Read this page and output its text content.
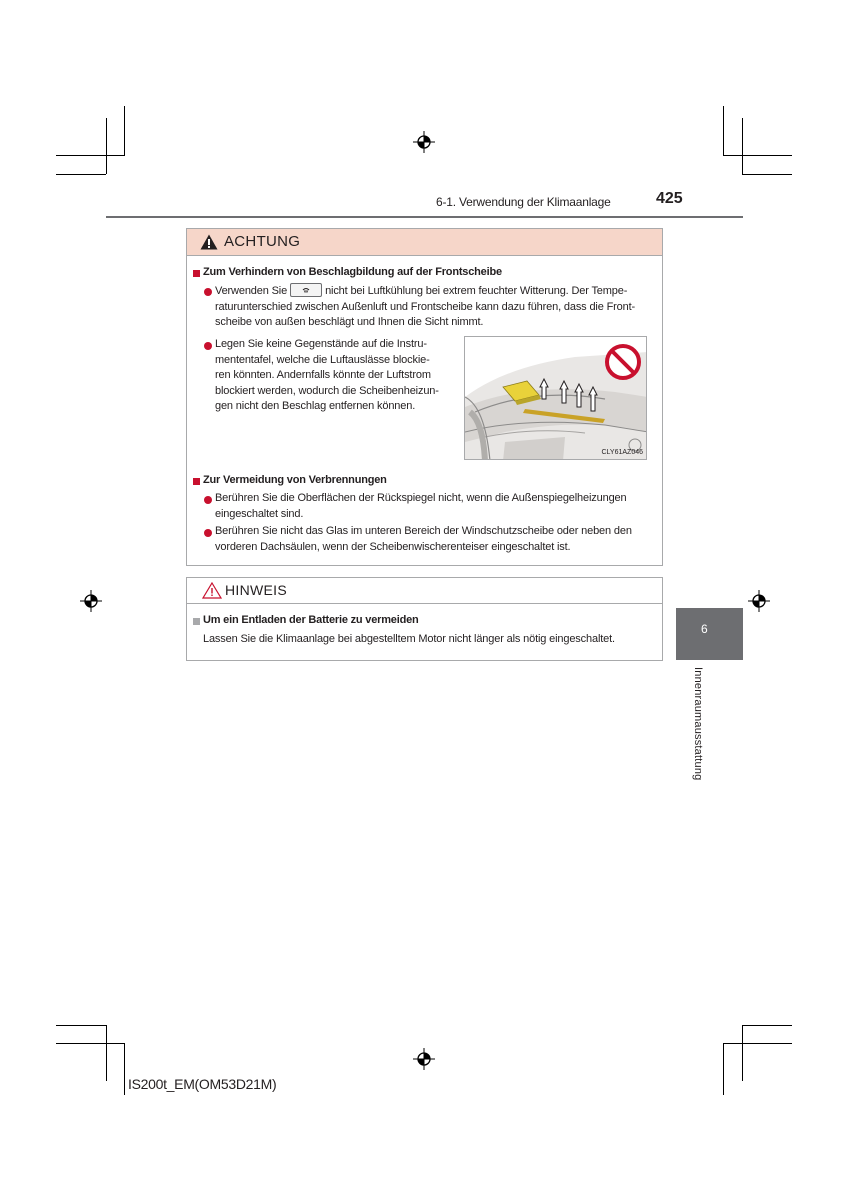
6-1. Verwendung der Klimaanlage	425
ACHTUNG
Zum Verhindern von Beschlagbildung auf der Frontscheibe
Verwenden Sie	nicht bei Luftkühlung bei extrem feuchter Witterung. Der Tempe-
raturunterschied zwischen Außenluft und Frontscheibe kann dazu führen, dass die Front-
scheibe von außen beschlägt und Ihnen die Sicht nimmt.
Legen Sie keine Gegenstände auf die Instru-
mententafel, welche die Luftauslässe blockie-
ren könnten. Andernfalls könnte der Luftstrom
blockiert werden, wodurch die Scheibenheizun-
gen nicht den Beschlag entfernen können.
Zur Vermeidung von Verbrennungen
Berühren Sie die Oberflächen der Rückspiegel nicht, wenn die Außenspiegelheizungen
eingeschaltet sind.
Berühren Sie nicht das Glas im unteren Bereich der Windschutzscheibe oder neben den
vorderen Dachsäulen, wenn der Scheibenwischerenteiser eingeschaltet ist.
CLY61AZ046
HINWEIS
Um ein Entladen der Batterie zu vermeiden
Lassen Sie die Klimaanlage bei abgestelltem Motor nicht länger als nötig eingeschaltet.
6
Innenraumausstattung
IS200t_EM(OM53D21M)
